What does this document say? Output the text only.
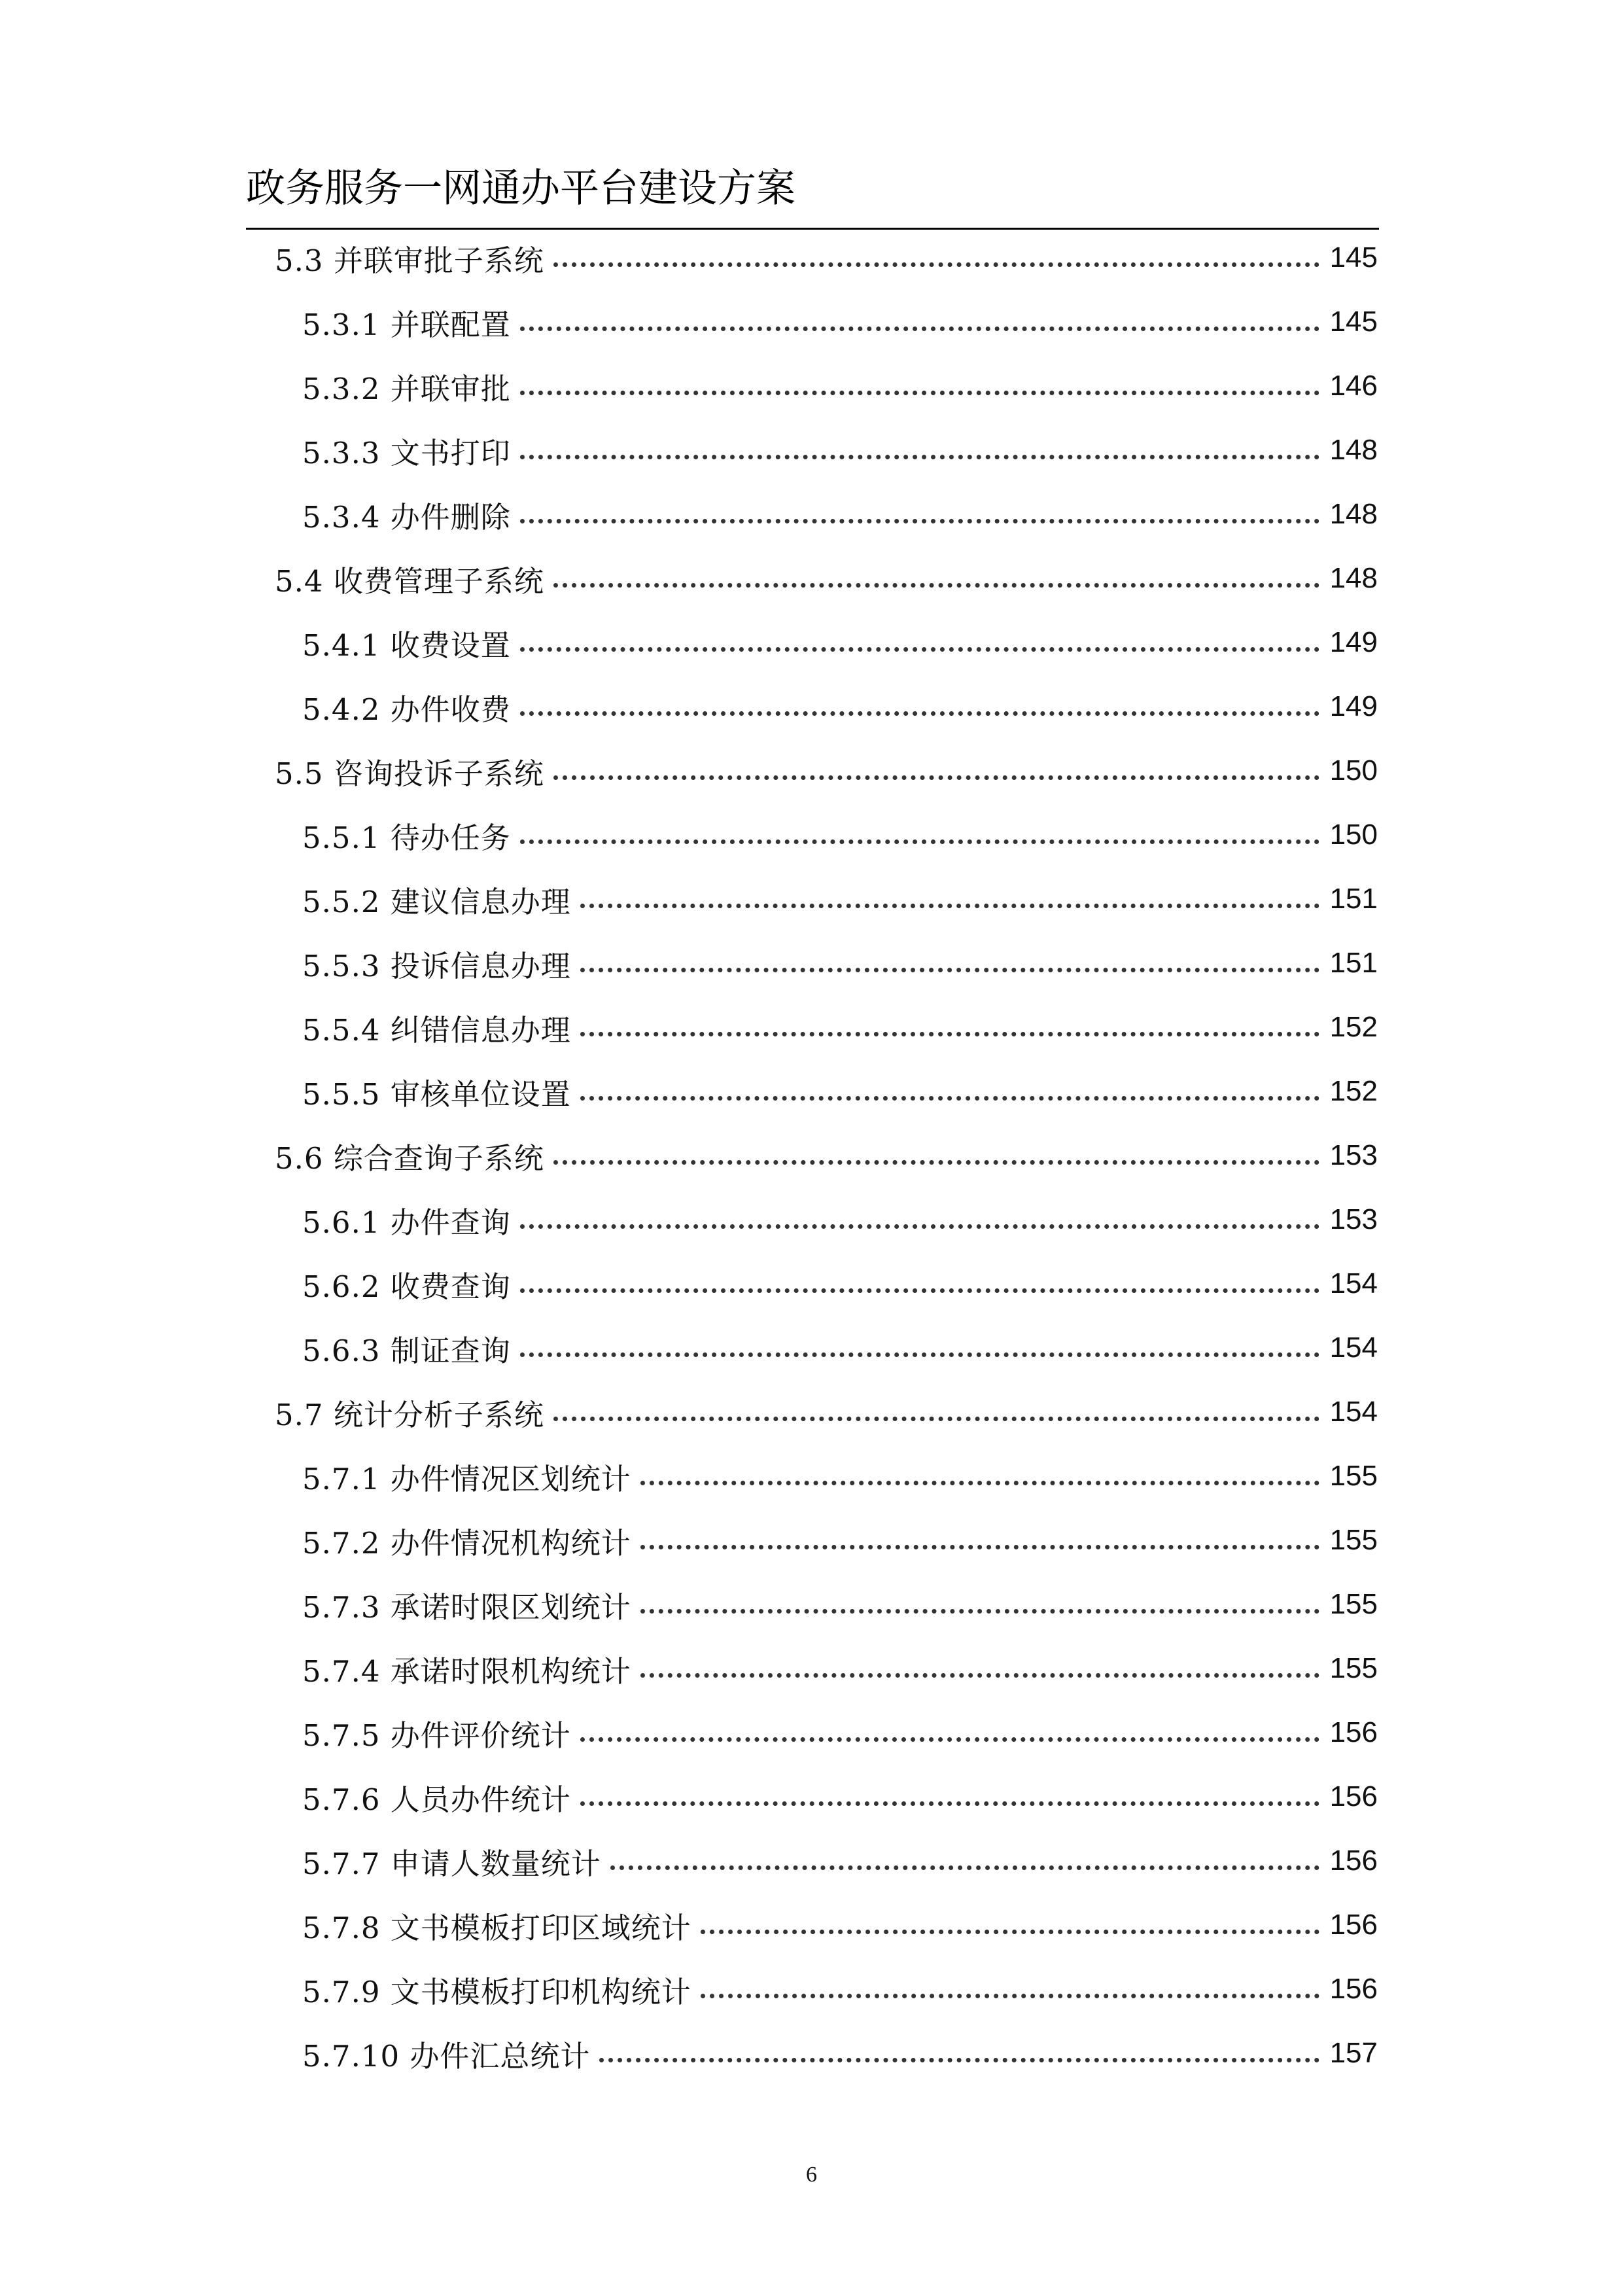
政务服务一网通办平台建设方案
5.3 并联审批子系统	145
5.3.1 并联配置	145
5.3.2 并联审批	146
5.3.3 文书打印	148
5.3.4 办件删除	148
5.4 收费管理子系统	148
5.4.1 收费设置	149
5.4.2 办件收费	149
5.5 咨询投诉子系统	150
5.5.1 待办任务	150
5.5.2 建议信息办理	151
5.5.3 投诉信息办理	151
5.5.4 纠错信息办理	152
5.5.5 审核单位设置	152
5.6 综合查询子系统	153
5.6.1 办件查询	153
5.6.2 收费查询	154
5.6.3 制证查询	154
5.7 统计分析子系统	154
5.7.1 办件情况区划统计	155
5.7.2 办件情况机构统计	155
5.7.3 承诺时限区划统计	155
5.7.4 承诺时限机构统计	155
5.7.5 办件评价统计	156
5.7.6 人员办件统计	156
5.7.7 申请人数量统计	156
5.7.8 文书模板打印区域统计	156
5.7.9 文书模板打印机构统计	156
5.7.10 办件汇总统计	157
6
